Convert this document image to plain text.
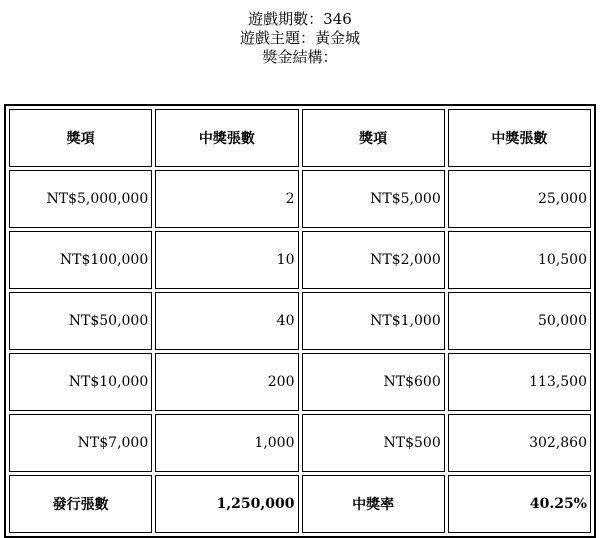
遊戲期數：346
遊戲主題：黃金城
獎金結構：
獎項	中獎張數	獎項	中獎張數
NT$5,000,000	2	NT$5,000	25,000
NT$100,000	10	NT$2,000	10,500
NT$50,000	40	NT$1,000	50,000
NT$10,000	200	NT$600	113,500
NT$7,000	1,000	NT$500	302,860
發行張數	1,250,000	中獎率	40.25%
